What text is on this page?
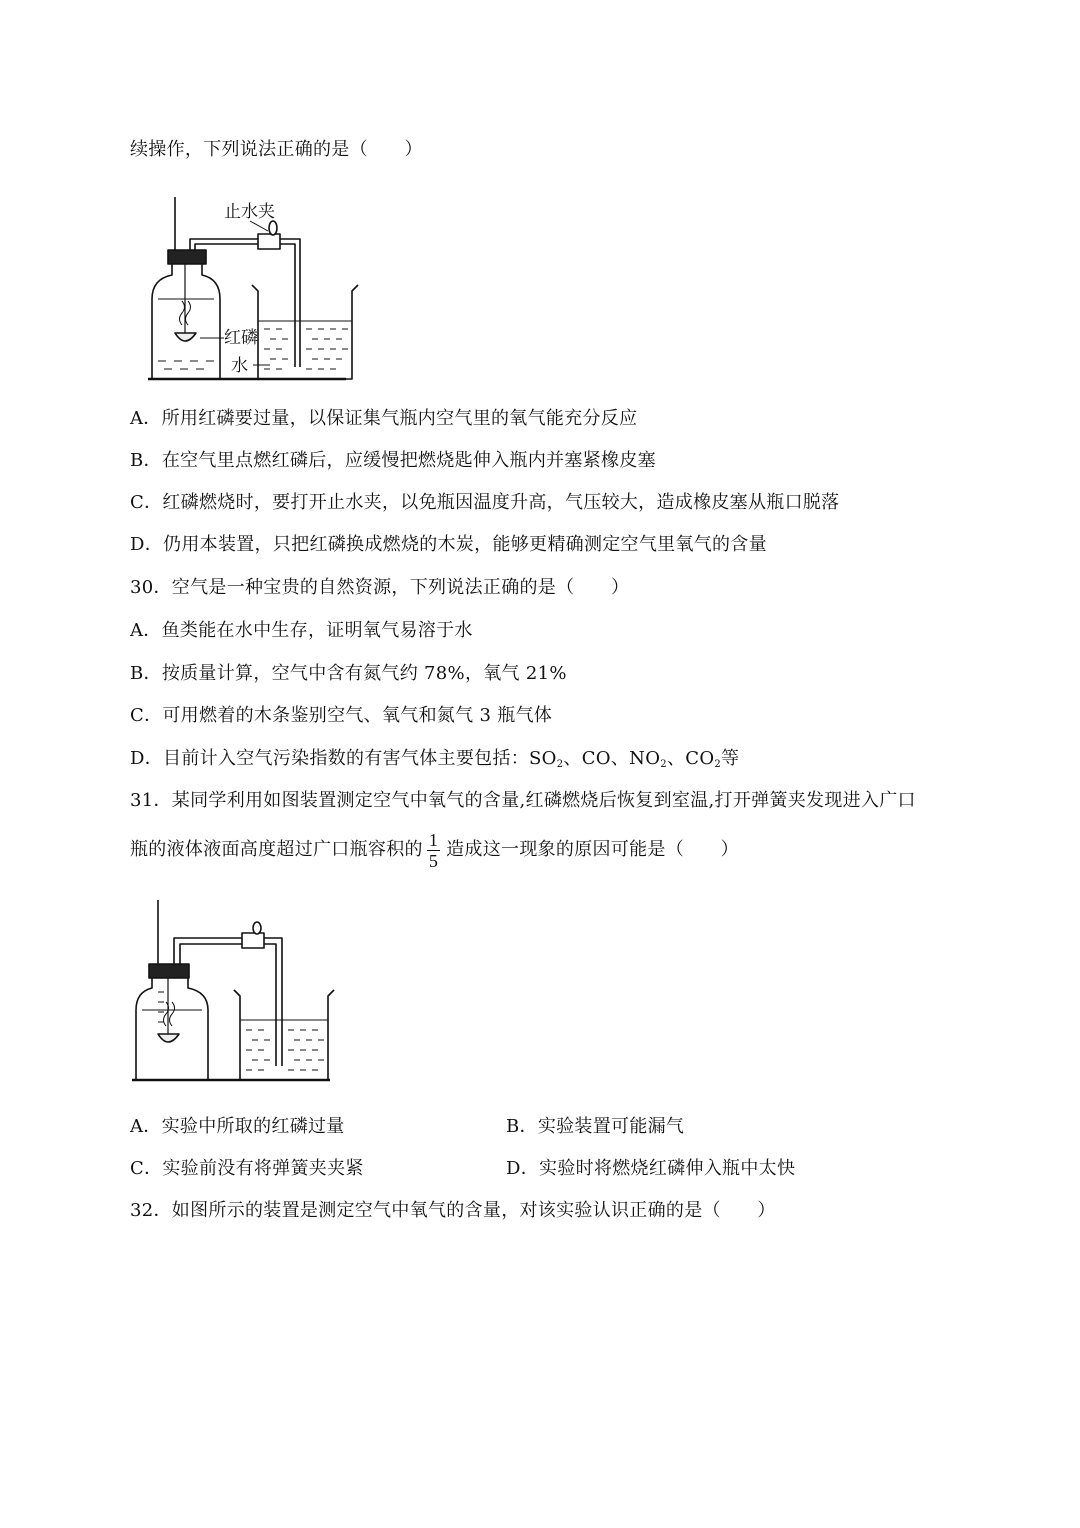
续操作，下列说法正确的是（　　）

止水夹
红磷
水

A．所用红磷要过量，以保证集气瓶内空气里的氧气能充分反应

B．在空气里点燃红磷后，应缓慢把燃烧匙伸入瓶内并塞紧橡皮塞

C．红磷燃烧时，要打开止水夹，以免瓶因温度升高，气压较大，造成橡皮塞从瓶口脱落

D．仍用本装置，只把红磷换成燃烧的木炭，能够更精确测定空气里氧气的含量

30．空气是一种宝贵的自然资源，下列说法正确的是（　　）

A．鱼类能在水中生存，证明氧气易溶于水

B．按质量计算，空气中含有氮气约 78%，氧气 21%

C．可用燃着的木条鉴别空气、氧气和氮气 3 瓶气体

D．目前计入空气污染指数的有害气体主要包括：$SO_2$、CO、$NO_2$、$CO_2$等

31．某同学利用如图装置测定空气中氧气的含量,红磷燃烧后恢复到室温,打开弹簧夹发现进入广口

瓶的液体液面高度超过广口瓶容积的 $\frac{1}{5}$ 造成这一现象的原因可能是（　　）

A．实验中所取的红磷过量	B．实验装置可能漏气
C．实验前没有将弹簧夹夹紧	D．实验时将燃烧红磷伸入瓶中太快

32．如图所示的装置是测定空气中氧气的含量，对该实验认识正确的是（　　）
